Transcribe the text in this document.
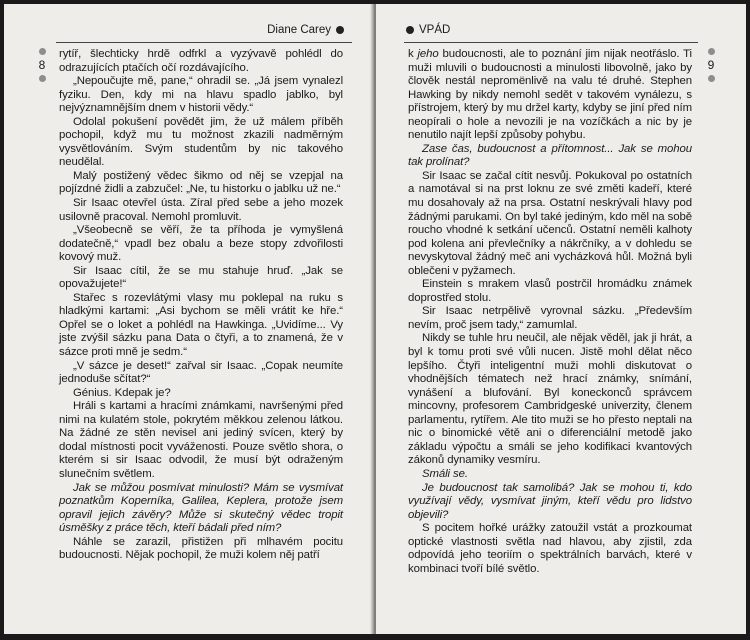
Diane Carey
8

rytíř, šlechticky hrdě odfrkl a vyzývavě pohlédl do odrazujících ptačích očí rozdávajícího.

„Nepoučujte mě, pane,“ ohradil se. „Já jsem vynalezl fyziku. Den, kdy mi na hlavu spadlo jablko, byl nejvýznamnějším dnem v historii vědy.“

Odolal pokušení povědět jim, že už málem příběh pochopil, když mu tu možnost zkazili nadměrným vysvětlováním. Svým studentům by nic takového neudělal.

Malý postižený vědec šikmo od něj se vzepjal na pojízdné židli a zabzučel: „Ne, tu historku o jablku už ne.“

Sir Isaac otevřel ústa. Zíral před sebe a jeho mozek usilovně pracoval. Nemohl promluvit.

„Všeobecně se věří, že ta příhoda je vymyšlená dodatečně,“ vpadl bez obalu a beze stopy zdvořilosti kovový muž.

Sir Isaac cítil, že se mu stahuje hruď. „Jak se opovažujete!“

Stařec s rozevlátými vlasy mu poklepal na ruku s hladkými kartami: „Asi bychom se měli vrátit ke hře.“ Opřel se o loket a pohlédl na Hawkinga. „Uvidíme... Vy jste zvýšil sázku pana Data o čtyři, a to znamená, že v sázce proti mně je sedm.“

„V sázce je deset!“ zařval sir Isaac. „Copak neumíte jednoduše sčítat?“

Génius. Kdepak je?

Hráli s kartami a hracími známkami, navršenými před nimi na kulatém stole, pokrytém měkkou zelenou látkou. Na žádné ze stěn nevisel ani jediný svícen, který by dodal místnosti pocit vyváženosti. Pouze světlo shora, o kterém si sir Isaac odvodil, že musí být odraženým slunečním světlem.

Jak se můžou posmívat minulosti? Mám se vysmívat poznatkům Koperníka, Galilea, Keplera, protože jsem opravil jejich závěry? Může si skutečný vědec tropit úsměšky z práce těch, kteří bádali před ním?

Náhle se zarazil, přistižen při mlhavém pocitu budoucnosti. Nějak pochopil, že muži kolem něj patří

VPÁD
9

k jeho budoucnosti, ale to poznání jim nijak neotřáslo. Ti muži mluvili o budoucnosti a minulosti libovolně, jako by člověk nestál nepromënlivě na valu té druhé. Stephen Hawking by nikdy nemohl sedět v takovém vynálezu, s přístrojem, který by mu držel karty, kdyby se jiní před ním neopírali o hole a nevozili je na vozíčkách a nic by je nenutilo najít lepší způsoby pohybu.

Zase čas, budoucnost a přítomnost... Jak se mohou tak prolínat?

Sir Isaac se začal cítit nesvůj. Pokukoval po ostatních a namotával si na prst loknu ze své změti kadeří, které mu dosahovaly až na prsa. Ostatní neskrývali hlavy pod žádnými parukami. On byl také jediným, kdo měl na sobě roucho vhodné k setkání učenců. Ostatní neměli kalhoty pod kolena ani převlečníky a nákrčníky, a v dohledu se nevyskytoval žádný meč ani vycházková hůl. Možná byli oblečeni v pyžamech.

Einstein s mrakem vlasů postrčil hromádku známek doprostřed stolu.

Sir Isaac netrpělivě vyrovnal sázku. „Především nevím, proč jsem tady,“ zamumlal.

Nikdy se tuhle hru neučil, ale nějak věděl, jak ji hrát, a byl k tomu proti své vůli nucen. Jistě mohl dělat něco lepšího. Čtyři inteligentní muži mohli diskutovat o vhodnějších tématech než hrací známky, snímání, vynášení a blufování. Byl koneckonců správcem mincovny, profesorem Cambridgeské univerzity, členem parlamentu, rytířem. Ale tito muži se ho přesto neptali na nic o binomické větě ani o diferenciální metodě jako základu výpočtu a smáli se jeho kodifikaci kvantových zákonů dynamiky vesmíru.

Smáli se.

Je budoucnost tak samolibá? Jak se mohou ti, kdo využívají vědy, vysmívat jiným, kteří vědu pro lidstvo objevili?

S pocitem hořké urážky zatoužil vstát a prozkoumat optické vlastnosti světla nad hlavou, aby zjistil, zda odpovídá jeho teoriím o spektrálních barvách, které v kombinaci tvoří bílé světlo.
